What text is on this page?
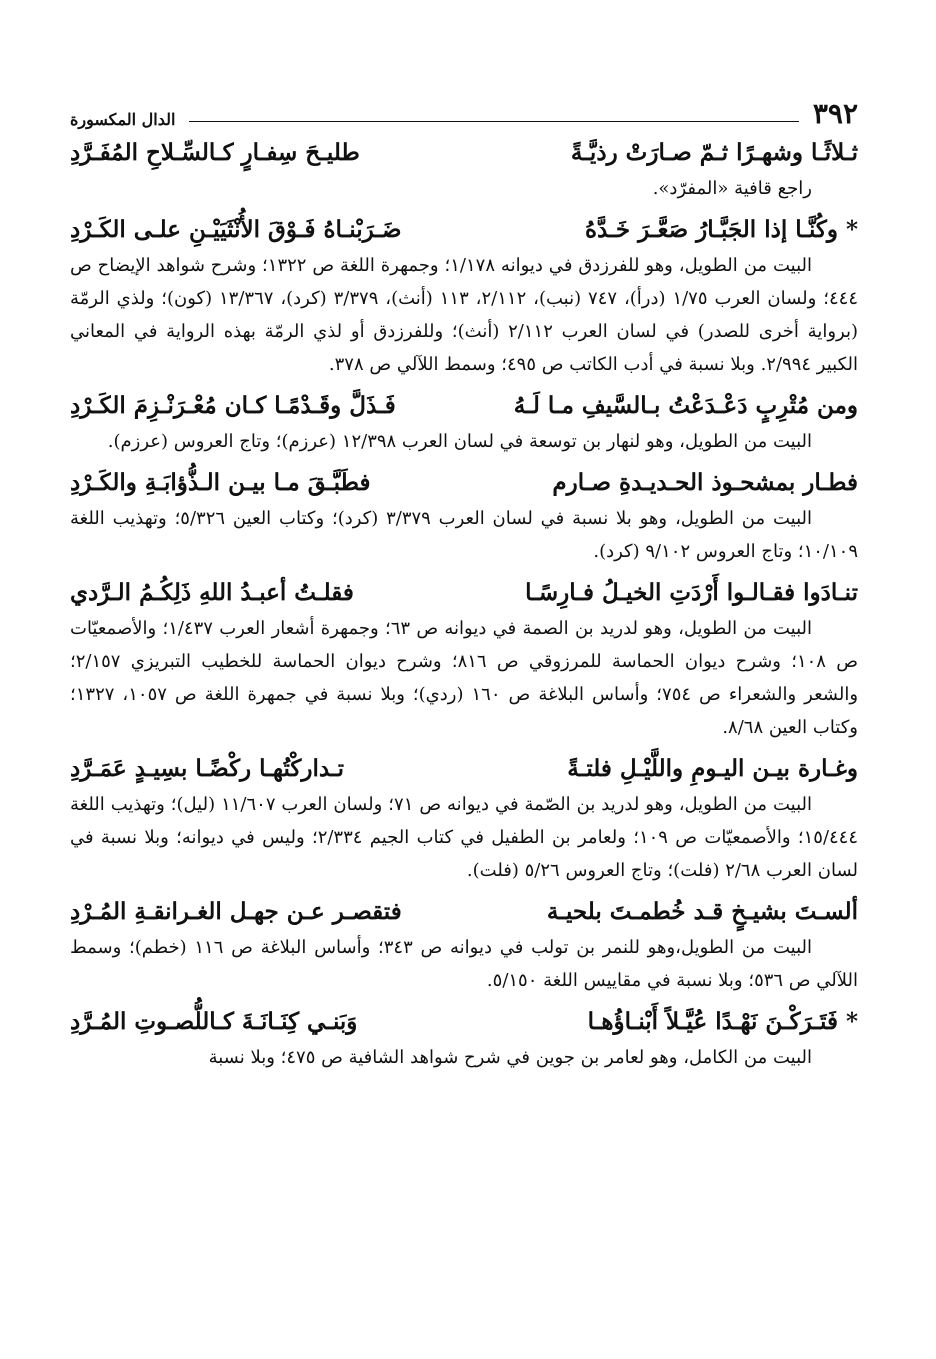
٣٩٢
الدال المكسورة
ثـلاثًـا وشهـرًا ثـمّ صـارَتْ رذيَّـةً
طليـحَ سِفـارٍ كـالسِّـلاحِ المُفَـرَّدِ

راجع قافية «المفرّد».

*
وكُنَّـا إذا الجَبَّـارُ صَعَّـرَ خَـدَّهُ
ضَـرَبْنـاهُ فَـوْقَ الأُنْثَيَيْـنِ علـى الكَـرْدِ

البيت من الطويل، وهو للفرزدق في ديوانه ١/١٧٨؛ وجمهرة اللغة ص ١٣٢٢؛ وشرح شواهد الإيضاح ص ٤٤٤؛ ولسان العرب ١/٧٥ (درأ)، ٧٤٧ (نبب)، ٢/١١٢، ١١٣ (أنث)، ٣/٣٧٩ (كرد)، ١٣/٣٦٧ (كون)؛ ولذي الرمّة (برواية أخرى للصدر) في لسان العرب ٢/١١٢ (أنث)؛ وللفرزدق أو لذي الرمّة بهذه الرواية في المعاني الكبير ٢/٩٩٤. وبلا نسبة في أدب الكاتب ص ٤٩٥؛ وسمط اللآلي ص ٣٧٨.

ومن مُتْرِبٍ دَعْـدَعْتُ بـالسَّيفِ مـا لَـهُ
فَـذَلَّ وقَـدْمًـا كـان مُعْـرَنْـزِمَ الكَـرْدِ

البيت من الطويل، وهو لنهار بن توسعة في لسان العرب ١٢/٣٩٨ (عرزم)؛ وتاج العروس (عرزم).

فطـار بمشحـوذ الحـديـدةِ صـارم
فطَبَّـقَ مـا بيـن الـذُّؤابَـةِ والكَـرْدِ

البيت من الطويل، وهو بلا نسبة في لسان العرب ٣/٣٧٩ (كرد)؛ وكتاب العين ٥/٣٢٦؛ وتهذيب اللغة ١٠/١٠٩؛ وتاج العروس ٩/١٠٢ (كرد).

تنـادَوا فقـالـوا أَرْدَتِ الخيـلُ فـارِسًـا
فقلـتُ أعبـدُ اللهِ ذَلِكُـمُ الـرَّدي

البيت من الطويل، وهو لدريد بن الصمة في ديوانه ص ٦٣؛ وجمهرة أشعار العرب ١/٤٣٧؛ والأصمعيّات ص ١٠٨؛ وشرح ديوان الحماسة للمرزوقي ص ٨١٦؛ وشرح ديوان الحماسة للخطيب التبريزي ٢/١٥٧؛ والشعر والشعراء ص ٧٥٤؛ وأساس البلاغة ص ١٦٠ (ردي)؛ وبلا نسبة في جمهرة اللغة ص ١٠٥٧، ١٣٢٧؛ وكتاب العين ٨/٦٨.

وغـارة بيـن اليـومِ واللَّيْـلِ فلتـةً
تـداركْتُهـا ركْضًـا بسِيـدٍ عَمَـرَّدِ

البيت من الطويل، وهو لدريد بن الصّمة في ديوانه ص ٧١؛ ولسان العرب ١١/٦٠٧ (ليل)؛ وتهذيب اللغة ١٥/٤٤٤؛ والأصمعيّات ص ١٠٩؛ ولعامر بن الطفيل في كتاب الجيم ٢/٣٣٤؛ وليس في ديوانه؛ وبلا نسبة في لسان العرب ٢/٦٨ (فلت)؛ وتاج العروس ٥/٢٦ (فلت).

ألسـتَ بشيـخٍ قـد خُطمـتَ بلحيـة
فتقصـر عـن جهـل الغـرانقـةِ المُـرْدِ

البيت من الطويل،وهو للنمر بن تولب في ديوانه ص ٣٤٣؛ وأساس البلاغة ص ١١٦ (خطم)؛ وسمط اللآلي ص ٥٣٦؛ وبلا نسبة في مقاييس اللغة ٥/١٥٠.

*
فَتَـرَكْـنَ نَهْـدًا عُيَّـلاً أَبْنـاؤُهـا
وَبَنـي كِنَـانَـةَ كـاللُّصـوتِ المُـرَّدِ

البيت من الكامل، وهو لعامر بن جوين في شرح شواهد الشافية ص ٤٧٥؛ وبلا نسبة
